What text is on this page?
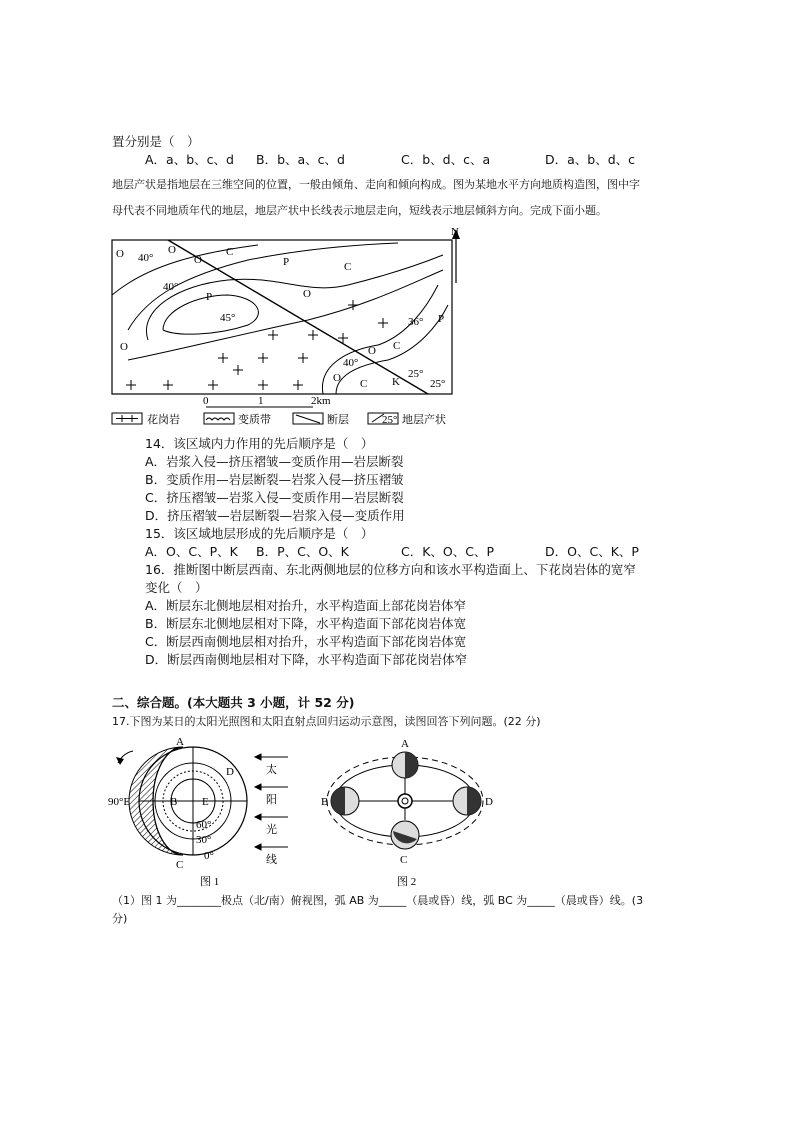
置分别是（　）
A．a、b、c、d B．b、a、c、d	C．b、d、c、a	D．a、b、d、c
地层产状是指地层在三维空间的位置，一般由倾角、走向和倾向构成。图为某地水平方向地质构造图，图中字
母代表不同地质年代的地层，地层产状中长线表示地层走向，短线表示地层倾斜方向。完成下面小题。
N
O 40°
O
O
C
P	C
40°
P	O
45°
O
36° P
C
O
40°
O C K
25°
25°
0	1	2km
花岗岩	变质带	断层	25° 地层产状
14．该区域内力作用的先后顺序是（　）
A．岩浆入侵—挤压褶皱—变质作用—岩层断裂
B．变质作用—岩层断裂—岩浆入侵—挤压褶皱
C．挤压褶皱—岩浆入侵—变质作用—岩层断裂
D．挤压褶皱—岩层断裂—岩浆入侵—变质作用
15．该区域地层形成的先后顺序是（　）
A．O、C、P、K B．P、C、O、K	C．K、O、C、P	D．O、C、K、P
16．推断图中断层西南、东北两侧地层的位移方向和该水平构造面上、下花岗岩体的宽窄
变化（　）
A．断层东北侧地层相对抬升，水平构造面上部花岗岩体窄
B．断层东北侧地层相对下降，水平构造面下部花岗岩体宽
C．断层西南侧地层相对抬升，水平构造面下部花岗岩体宽
D．断层西南侧地层相对下降，水平构造面下部花岗岩体窄
二、综合题。(本大题共 3 小题，计 52 分)
17.下图为某日的太阳光照图和太阳直射点回归运动示意图，读图回答下列问题。(22 分)
A
B
C
D
E
90°E
60°
30°
0°
太
阳
光
线
图 1
A
B
C
D
图 2
（1）图 1 为________极点（北/南）俯视图，弧 AB 为_____（晨或昏）线，弧 BC 为_____（晨或昏）线。(3
分)
